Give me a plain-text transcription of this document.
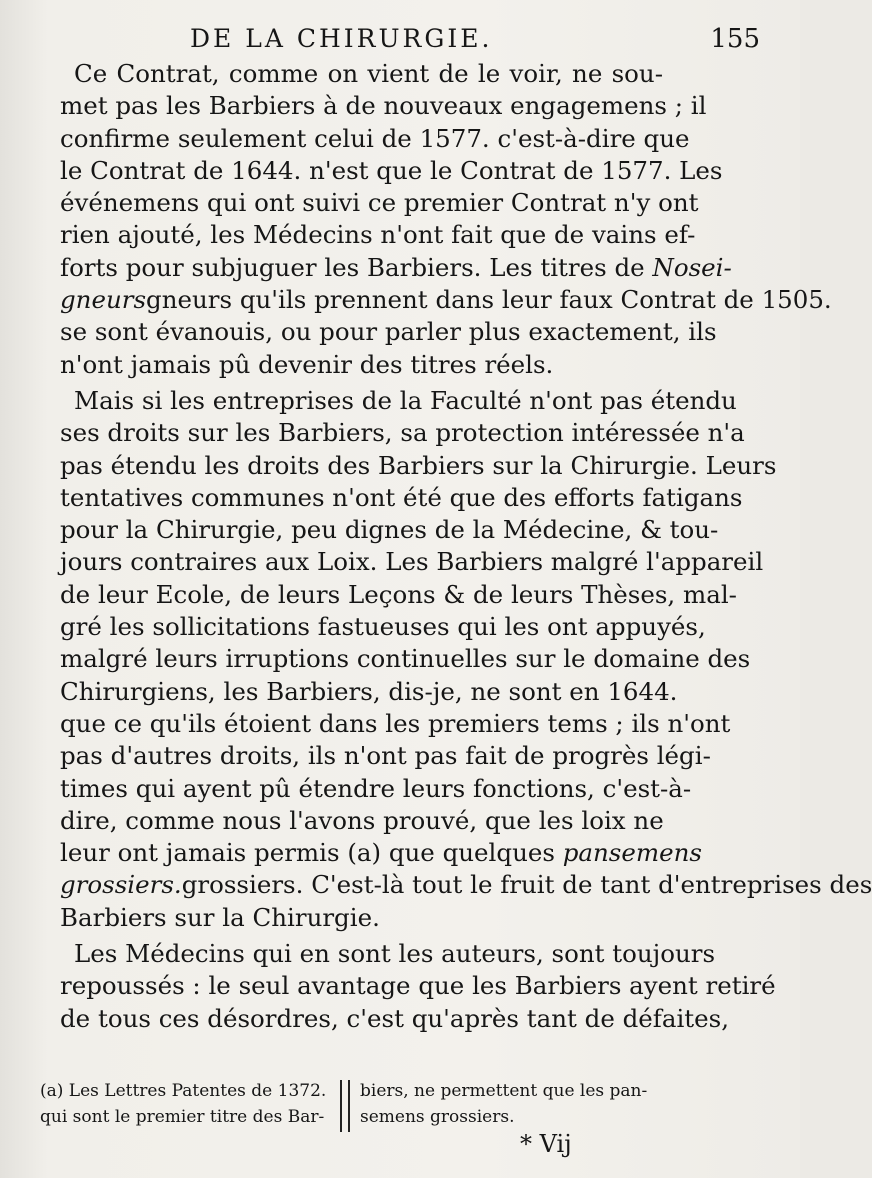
DE LA CHIRURGIE.	155

Ce Contrat, comme on vient de le voir, ne sou-
met pas les Barbiers à de nouveaux engagemens ; il
confirme seulement celui de 1577. c'est-à-dire que
le Contrat de 1644. n'est que le Contrat de 1577. Les
événemens qui ont suivi ce premier Contrat n'y ont
rien ajouté, les Médecins n'ont fait que de vains ef-
forts pour subjuguer les Barbiers. Les titres de Nosei-
gneursgneurs qu'ils prennent dans leur faux Contrat de 1505.
se sont évanouis, ou pour parler plus exactement, ils
n'ont jamais pû devenir des titres réels.

Mais si les entreprises de la Faculté n'ont pas étendu
ses droits sur les Barbiers, sa protection intéressée n'a
pas étendu les droits des Barbiers sur la Chirurgie. Leurs
tentatives communes n'ont été que des efforts fatigans
pour la Chirurgie, peu dignes de la Médecine, & tou-
jours contraires aux Loix. Les Barbiers malgré l'appareil
de leur Ecole, de leurs Leçons & de leurs Thèses, mal-
gré les sollicitations fastueuses qui les ont appuyés,
malgré leurs irruptions continuelles sur le domaine des
Chirurgiens, les Barbiers, dis-je, ne sont en 1644.
que ce qu'ils étoient dans les premiers tems ; ils n'ont
pas d'autres droits, ils n'ont pas fait de progrès légi-
times qui ayent pû étendre leurs fonctions, c'est-à-
dire, comme nous l'avons prouvé, que les loix ne
leur ont jamais permis (a) que quelques pansemens
grossiers.grossiers. C'est-là tout le fruit de tant d'entreprises des
Barbiers sur la Chirurgie.

Les Médecins qui en sont les auteurs, sont toujours
repoussés : le seul avantage que les Barbiers ayent retiré
de tous ces désordres, c'est qu'après tant de défaites,

(a) Les Lettres Patentes de 1372.
qui sont le premier titre des Bar-
biers, ne permettent que les pan-
semens grossiers.
* Vij
